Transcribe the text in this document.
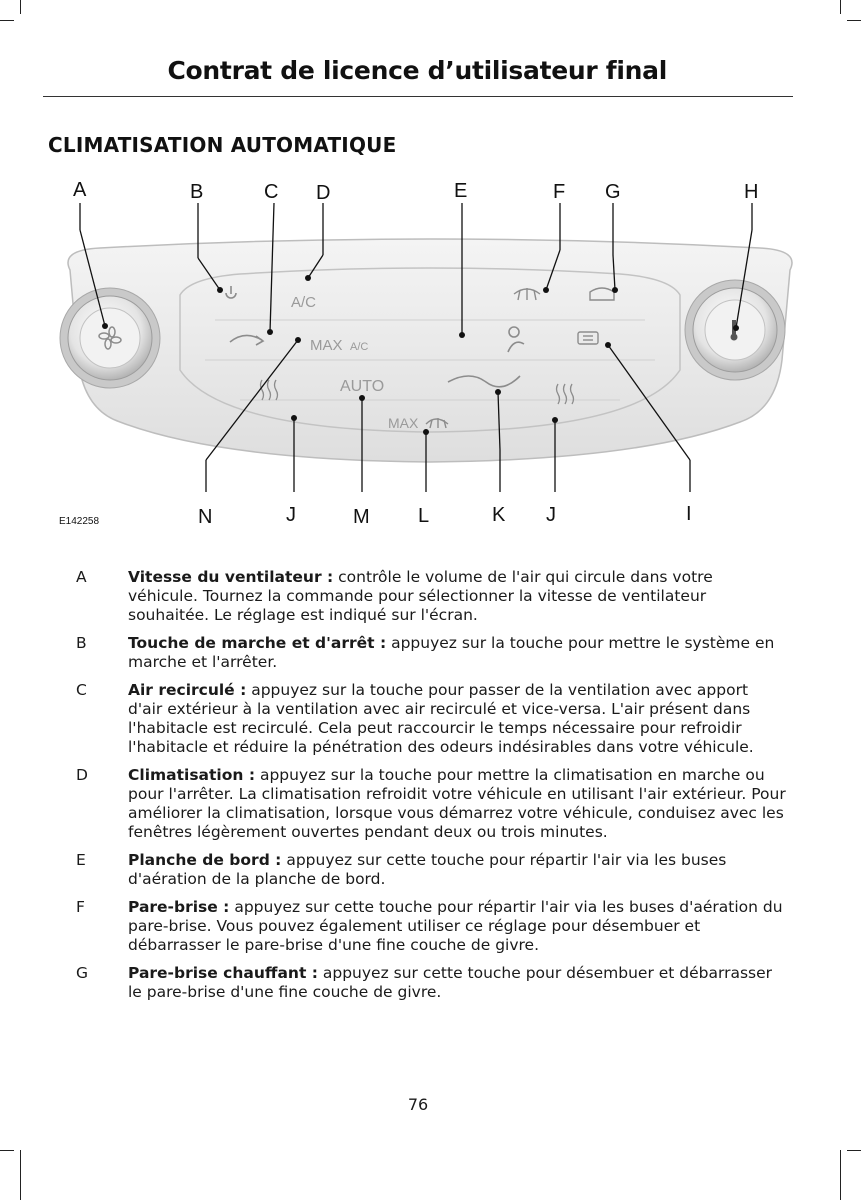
Contrat de licence d’utilisateur final
CLIMATISATION AUTOMATIQUE
A/C
MAX A/C
AUTO
MAX
A	B	C D	E	F G	H
I
J
K
L
M
J
N
E142258
A	Vitesse du ventilateur : contrôle le volume de l'air qui circule dans votre véhicule. Tournez la commande pour sélectionner la vitesse de ventilateur souhaitée. Le réglage est indiqué sur l'écran.
B	Touche de marche et d'arrêt : appuyez sur la touche pour mettre le système en marche et l'arrêter.
C	Air recirculé : appuyez sur la touche pour passer de la ventilation avec apport d'air extérieur à la ventilation avec air recirculé et vice-versa. L'air présent dans l'habitacle est recirculé. Cela peut raccourcir le temps nécessaire pour refroidir l'habitacle et réduire la pénétration des odeurs indésirables dans votre véhicule.
D	Climatisation : appuyez sur la touche pour mettre la climatisation en marche ou pour l'arrêter. La climatisation refroidit votre véhicule en utilisant l'air extérieur. Pour améliorer la climatisation, lorsque vous démarrez votre véhicule, conduisez avec les fenêtres légèrement ouvertes pendant deux ou trois minutes.
E	Planche de bord : appuyez sur cette touche pour répartir l'air via les buses d'aération de la planche de bord.
F	Pare-brise : appuyez sur cette touche pour répartir l'air via les buses d'aération du pare-brise. Vous pouvez également utiliser ce réglage pour désembuer et débarrasser le pare-brise d'une fine couche de givre.
G	Pare-brise chauffant : appuyez sur cette touche pour désembuer et débarrasser le pare-brise d'une fine couche de givre.
76
